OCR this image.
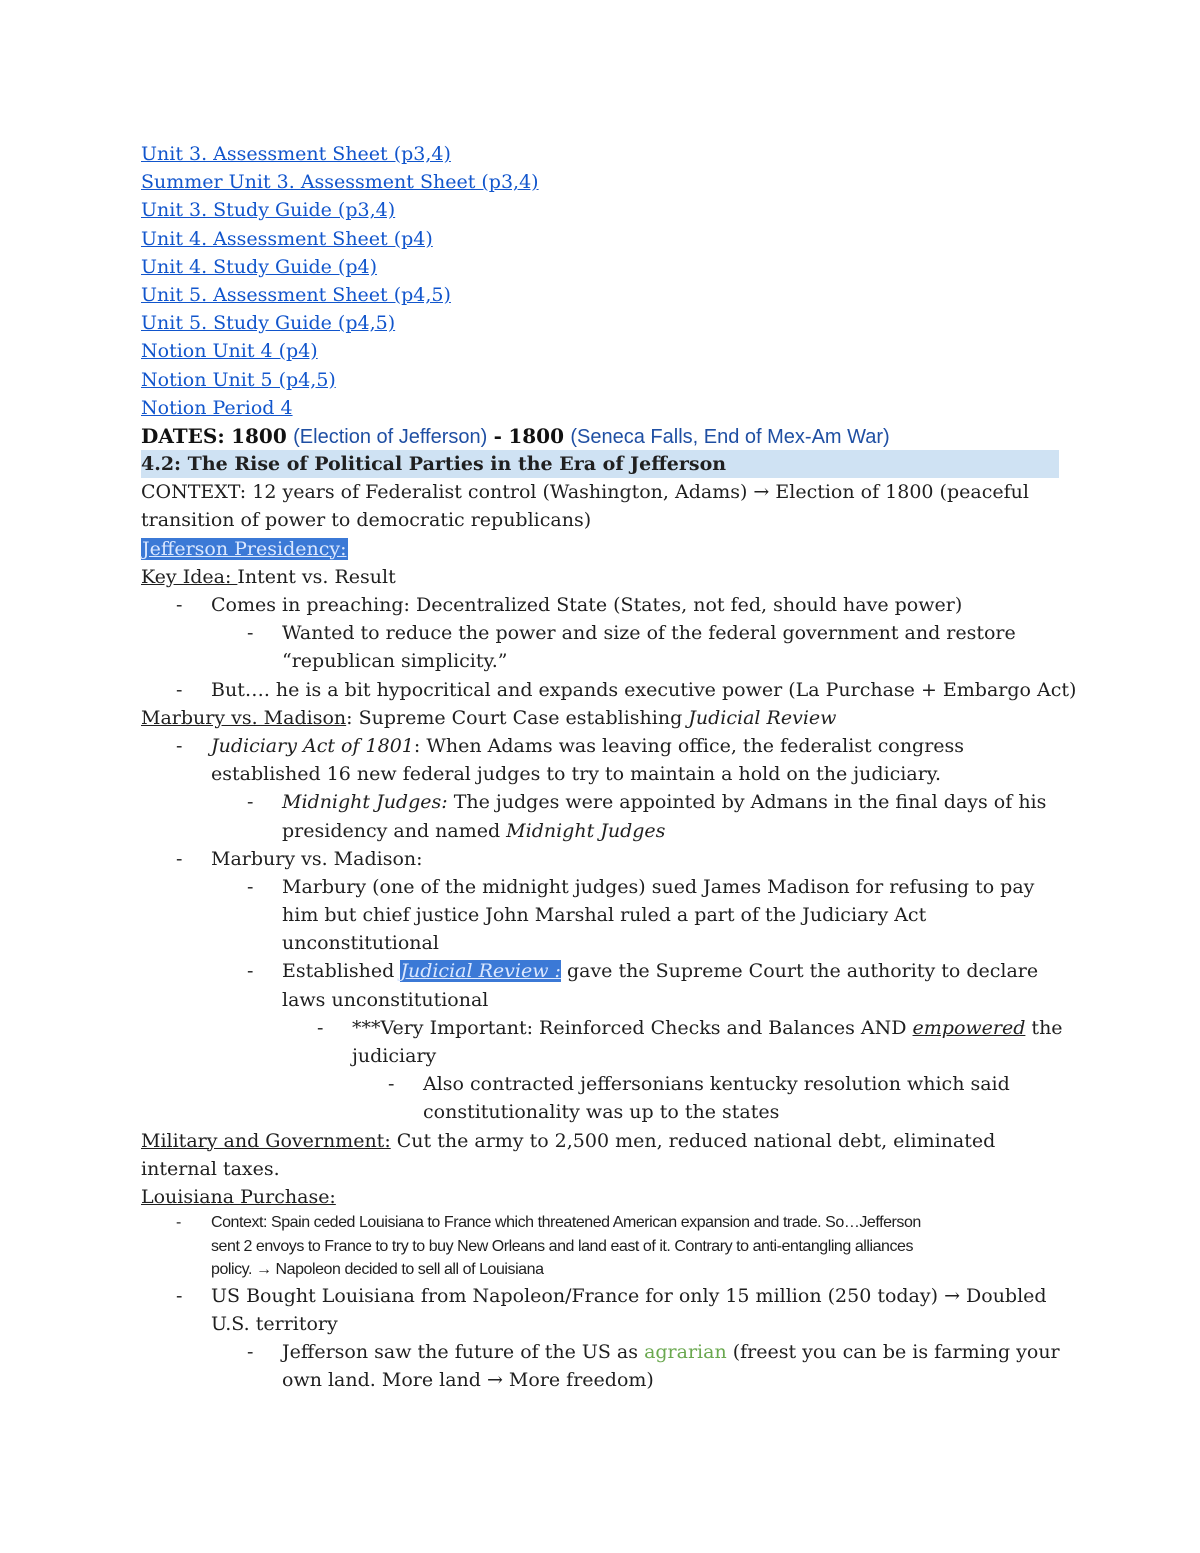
Unit 3. Assessment Sheet (p3,4)
Summer Unit 3. Assessment Sheet (p3,4)
Unit 3. Study Guide (p3,4)
Unit 4. Assessment Sheet (p4)
Unit 4. Study Guide (p4)
Unit 5. Assessment Sheet (p4,5)
Unit 5. Study Guide (p4,5)
Notion Unit 4 (p4)
Notion Unit 5 (p4,5)
Notion Period 4
DATES: 1800 (Election of Jefferson) - 1800 (Seneca Falls, End of Mex-Am War)
4.2: The Rise of Political Parties in the Era of Jefferson
CONTEXT: 12 years of Federalist control (Washington, Adams) → Election of 1800 (peaceful
transition of power to democratic republicans)
Jefferson Presidency:
Key Idea: Intent vs. Result
-	Comes in preaching: Decentralized State (States, not fed, should have power)
-	Wanted to reduce the power and size of the federal government and restore
“republican simplicity.”
-	But…. he is a bit hypocritical and expands executive power (La Purchase + Embargo Act)
Marbury vs. Madison: Supreme Court Case establishing Judicial Review
-	Judiciary Act of 1801: When Adams was leaving office, the federalist congress
established 16 new federal judges to try to maintain a hold on the judiciary.
-	Midnight Judges: The judges were appointed by Admans in the final days of his
presidency and named Midnight Judges
-	Marbury vs. Madison:
-	Marbury (one of the midnight judges) sued James Madison for refusing to pay
him but chief justice John Marshal ruled a part of the Judiciary Act
unconstitutional
-	Established Judicial Review : gave the Supreme Court the authority to declare
laws unconstitutional
-	***Very Important: Reinforced Checks and Balances AND empowered the
judiciary
-	Also contracted jeffersonians kentucky resolution which said
constitutionality was up to the states
Military and Government: Cut the army to 2,500 men, reduced national debt, eliminated
internal taxes.
Louisiana Purchase:
-	Context: Spain ceded Louisiana to France which threatened American expansion and trade. So…Jefferson
sent 2 envoys to France to try to buy New Orleans and land east of it. Contrary to anti-entangling alliances
policy. → Napoleon decided to sell all of Louisiana
-	US Bought Louisiana from Napoleon/France for only 15 million (250 today) → Doubled
U.S. territory
-	Jefferson saw the future of the US as agrarian (freest you can be is farming your
own land. More land → More freedom)
